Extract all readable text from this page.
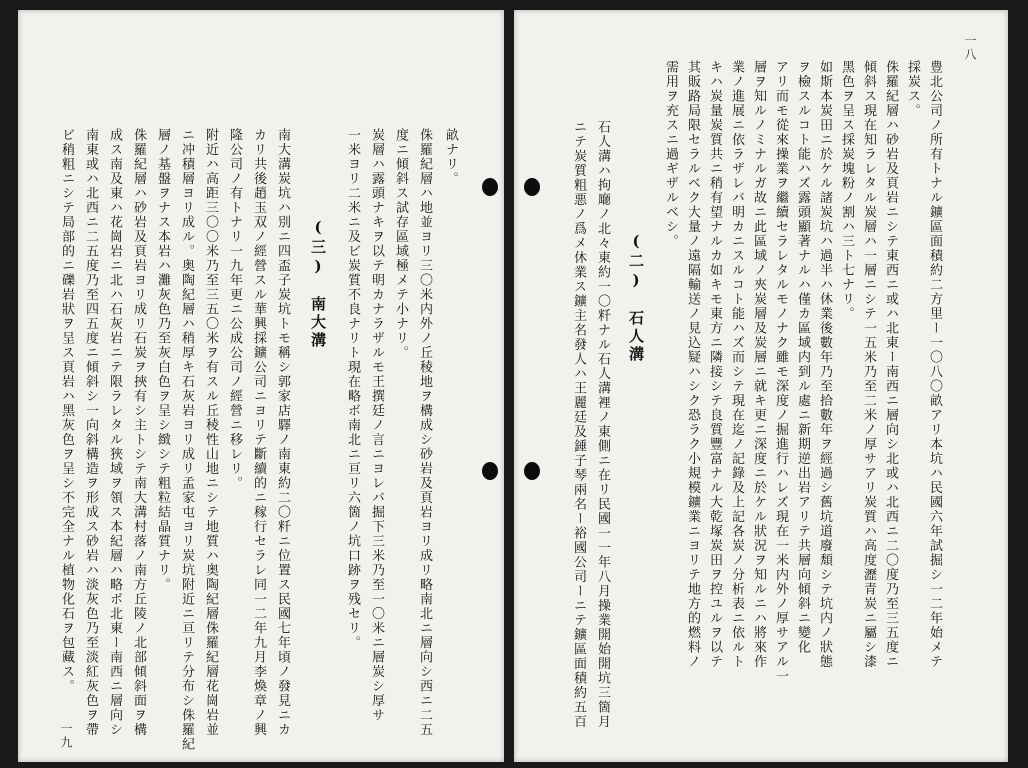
畝ナリ。
侏羅紀層ハ地並ヨリ三〇米内外ノ丘稜地ヲ構成シ砂岩及頁岩ヨリ成リ略南北ニ層向シ西ニ二五
度ニ傾斜ス試存區域極メテ小ナリ。
炭層ハ露頭ナキヲ以テ明カナラザルモ王撰廷ノ言ニヨレバ掘下三米乃至一〇米ニ層炭シ厚サ
一米ヨリ二米ニ及ビ炭質不良ナリト現在略ボ南北ニ亘リ六箇ノ坑口跡ヲ残セリ。
(三)　南大溝
南大溝炭坑ハ別ニ四盃子炭坑トモ稱シ郭家店驛ノ南東約二〇粁ニ位置ス民國七年頃ノ發見ニカ
カリ共後趙玉双ノ經營スル華興採鑛公司ニヨリテ斷續的ニ稼行セラレ同一二年九月李煥章ノ興
隆公司ノ有トナリ一九年更ニ公成公司ノ經營ニ移レリ。
附近ハ高距三〇〇米乃至三五〇米ヲ有スル丘稜性山地ニシテ地質ハ奥陶紀層侏羅紀層花崗岩並
ニ冲積層ヨリ成ル。奥陶紀層ハ稍厚キ石灰岩ヨリ成リ孟家屯ヨリ炭坑附近ニ亘リテ分布シ侏羅紀
層ノ基盤ヲナス本岩ハ灘灰色乃至灰白色ヲ呈シ緻シテ粗粒結晶質ナリ。
侏羅紀層ハ砂岩及頁岩ヨリ成リ石炭ヲ挾有シ主トシテ南大溝村落ノ南方丘陵ノ北部傾斜面ヲ構
成ス南及東ハ花崗岩ニ北ハ石灰岩ニテ限ラレタル狹域ヲ領ス本紀層ハ略ボ北東ー南西ニ層向シ
南東或ハ北西ニ二五度乃至四五度ニ傾斜シ一向斜構造ヲ形成ス砂岩ハ淡灰色乃至淡紅灰色ヲ帶
ビ稍粗ニシテ局部的ニ礫岩狀ヲ呈ス頁岩ハ黑灰色ヲ呈シ不完全ナル植物化石ヲ包藏ス。
一九
一八
豊北公司ノ所有トナル鑛區面積約二方里ー一〇八〇畝アリ本坑ハ民國六年試掘シ一二年始メテ
採炭ス。
侏羅紀層ハ砂岩及頁岩ニシテ東西ニ或ハ北東ー南西ニ層向シ北或ハ北西ニ二〇度乃至三五度ニ
傾斜ス現在知ラレタル炭層ハ一層ニシテ一五米乃至二米ノ厚サアリ炭質ハ高度瀝青炭ニ屬シ漆
黑色ヲ呈ス採炭塊粉ノ割ハ三ト七ナリ。
如斯本炭田ニ於ケル諸炭坑ハ過半ハ休業後數年乃至拾數年ヲ經過シ舊坑道廢頽シテ坑内ノ狀態
ヲ檢スルコト能ハズ露頭顯著ナルハ僅カ區域内到ル處ニ新期逆出岩アリテ共層向傾斜ニ變化
アリ而モ從來操業ヲ繼續セラレタルモノナク雖モ深度ノ掘進行ハレズ現在一米内外ノ厚サアル一
層ヲ知ルノミナルガ故ニ此區域ノ夾炭層及炭層ニ就キ更ニ深度ニ於ケル狀況ヲ知ルニハ將來作
業ノ進展ニ依ラザレバ明カニスルコト能ハズ而シテ現在迄ノ記錄及上記各炭ノ分析表ニ依ルト
キハ炭量炭質共ニ稍有望ナルカ如キモ東方ニ隣接シテ良質豐富ナル大乾塚炭田ヲ控ユルヲ以テ
其販路局限セラルベク大量ノ遠隔輸送ノ見込疑ハシク恐ラク小規模鑛業ニヨリテ地方的燃料ノ
需用ヲ充スニ過ギザルベシ。
(二)　石人溝
石人溝ハ拘廰ノ北々東約一〇粁ナル石人溝裡ノ東側ニ在リ民國一一年八月操業開始開坑三箇月
ニテ炭質粗悪ノ爲メ休業ス鑛主名發人ハ王麗廷及錘子琴兩名ー裕國公司ーニテ鑛區面積約五百
